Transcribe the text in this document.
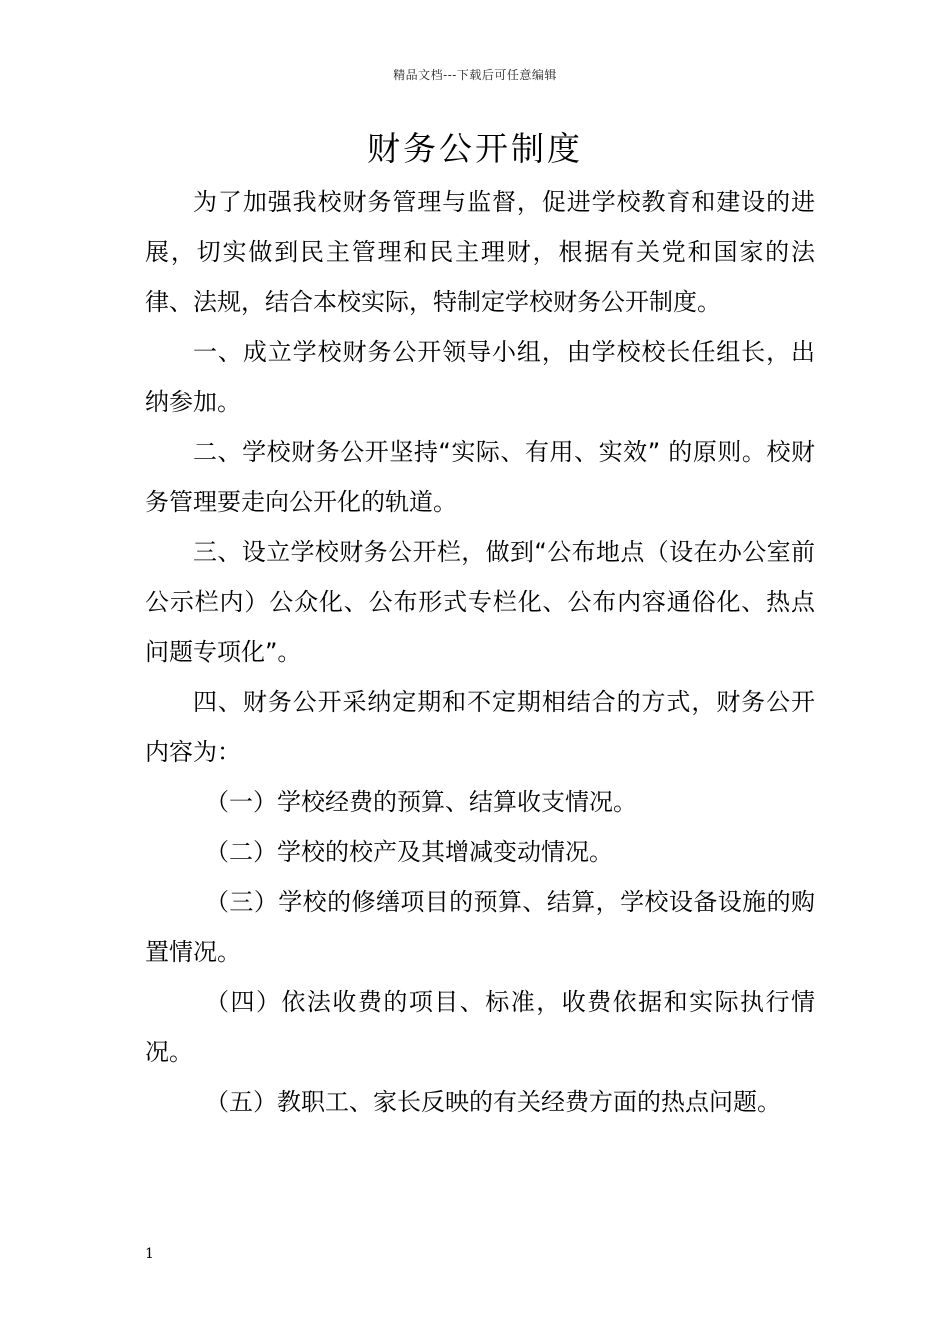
精品文档---下载后可任意编辑
财务公开制度

为了加强我校财务管理与监督，促进学校教育和建设的进展，切实做到民主管理和民主理财，根据有关党和国家的法律、法规，结合本校实际，特制定学校财务公开制度。

一、成立学校财务公开领导小组，由学校校长任组长，出纳参加。

二、学校财务公开坚持“实际、有用、实效” 的原则。校财务管理要走向公开化的轨道。

三、设立学校财务公开栏，做到“公布地点（设在办公室前公示栏内）公众化、公布形式专栏化、公布内容通俗化、热点问题专项化”。

四、财务公开采纳定期和不定期相结合的方式，财务公开内容为：

（一）学校经费的预算、结算收支情况。

（二）学校的校产及其增减变动情况。

（三）学校的修缮项目的预算、结算，学校设备设施的购置情况。

（四）依法收费的项目、标准，收费依据和实际执行情况。

（五）教职工、家长反映的有关经费方面的热点问题。

1
